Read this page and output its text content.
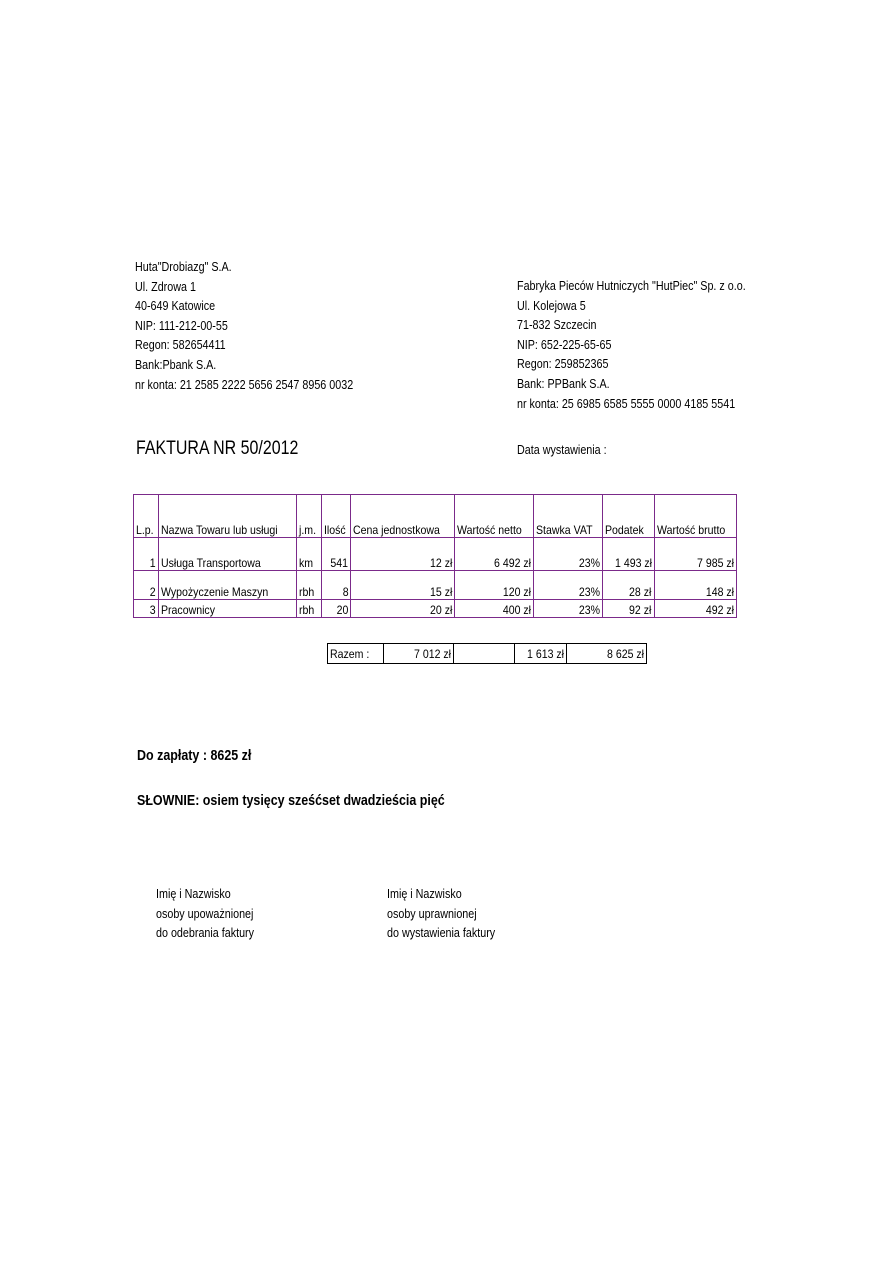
Huta"Drobiazg" S.A.
Ul. Zdrowa 1
40-649 Katowice
NIP: 111-212-00-55
Regon: 582654411
Bank:Pbank S.A.
nr konta: 21 2585 2222 5656 2547 8956 0032
Fabryka Pieców Hutniczych "HutPiec" Sp. z o.o.
Ul. Kolejowa 5
71-832 Szczecin
NIP: 652-225-65-65
Regon: 259852365
Bank: PPBank S.A.
nr konta: 25 6985 6585 5555 0000 4185 5541
FAKTURA NR 50/2012	Data wystawienia :
L.p.	Nazwa Towaru lub usługi	j.m.	Ilość	Cena jednostkowa	Wartość netto	Stawka VAT	Podatek	Wartość brutto
1	Usługa Transportowa	km	541	12 zł	6 492 zł	23%	1 493 zł	7 985 zł
2	Wypożyczenie Maszyn	rbh	8	15 zł	120 zł	23%	28 zł	148 zł
3	Pracownicy	rbh	20	20 zł	400 zł	23%	92 zł	492 zł
Razem :	7 012 zł		1 613 zł	8 625 zł
Do zapłaty : 8625 zł
SŁOWNIE: osiem tysięcy sześćset dwadzieścia pięć
Imię i Nazwisko
osoby upoważnionej
do odebrania faktury
Imię i Nazwisko
osoby uprawnionej
do wystawienia faktury
